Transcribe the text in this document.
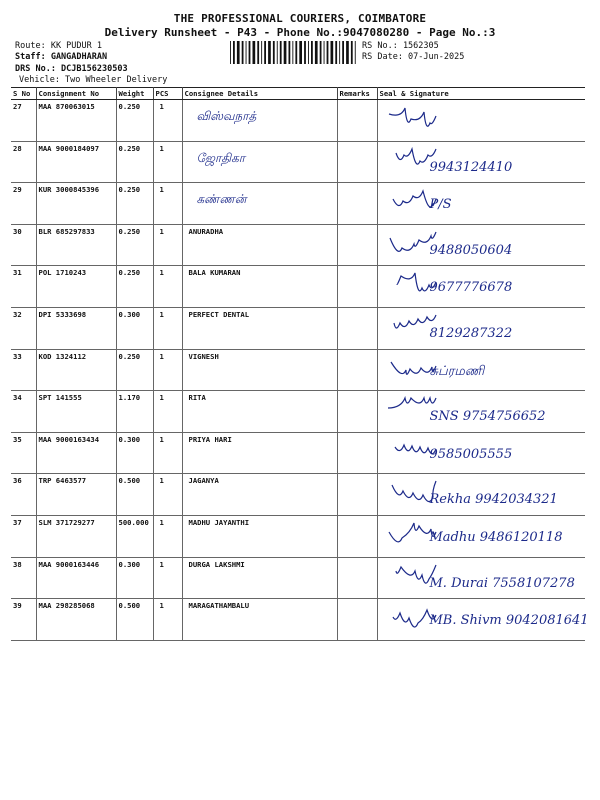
THE PROFESSIONAL COURIERS, COIMBATORE
Delivery Runsheet - P43 - Phone No.:9047080280 - Page No.:3
Route: KK PUDUR 1
Staff: GANGADHARAN
DRS No.: DCJB156230503
Vehicle: Two Wheeler Delivery
RS No.: 1562305
RS Date: 07-Jun-2025
S No	Consignment No	Weight	PCS	Consignee Details	Remarks	Seal & Signature
27	MAA 870063015	0.250	1	விஸ்வநாத்

28	MAA 9000184097	0.250	1	ஜோதிகா		9943124410

29	KUR 3000845396	0.250	1	கண்ணன்		P/S

30	BLR 685297833	0.250	1	ANURADHA		9488050604

31	POL 1710243	0.250	1	BALA KUMARAN		9677776678

32	DPI 5333698	0.300	1	PERFECT DENTAL		8129287322

33	KOD 1324112	0.250	1	VIGNESH		சுப்ரமணி

34	SPT 141555	1.170	1	RITA		SNS 9754756652

35	MAA 9000163434	0.300	1	PRIYA HARI		9585005555

36	TRP 6463577	0.500	1	JAGANYA		Rekha 9942034321

37	SLM 371729277	500.000	1	MADHU JAYANTHI		Madhu 9486120118

38	MAA 9000163446	0.300	1	DURGA LAKSHMI		M. Durai 7558107278

39	MAA 298285068	0.500	1	MARAGATHAMBALU		MB. Shivm 9042081641
